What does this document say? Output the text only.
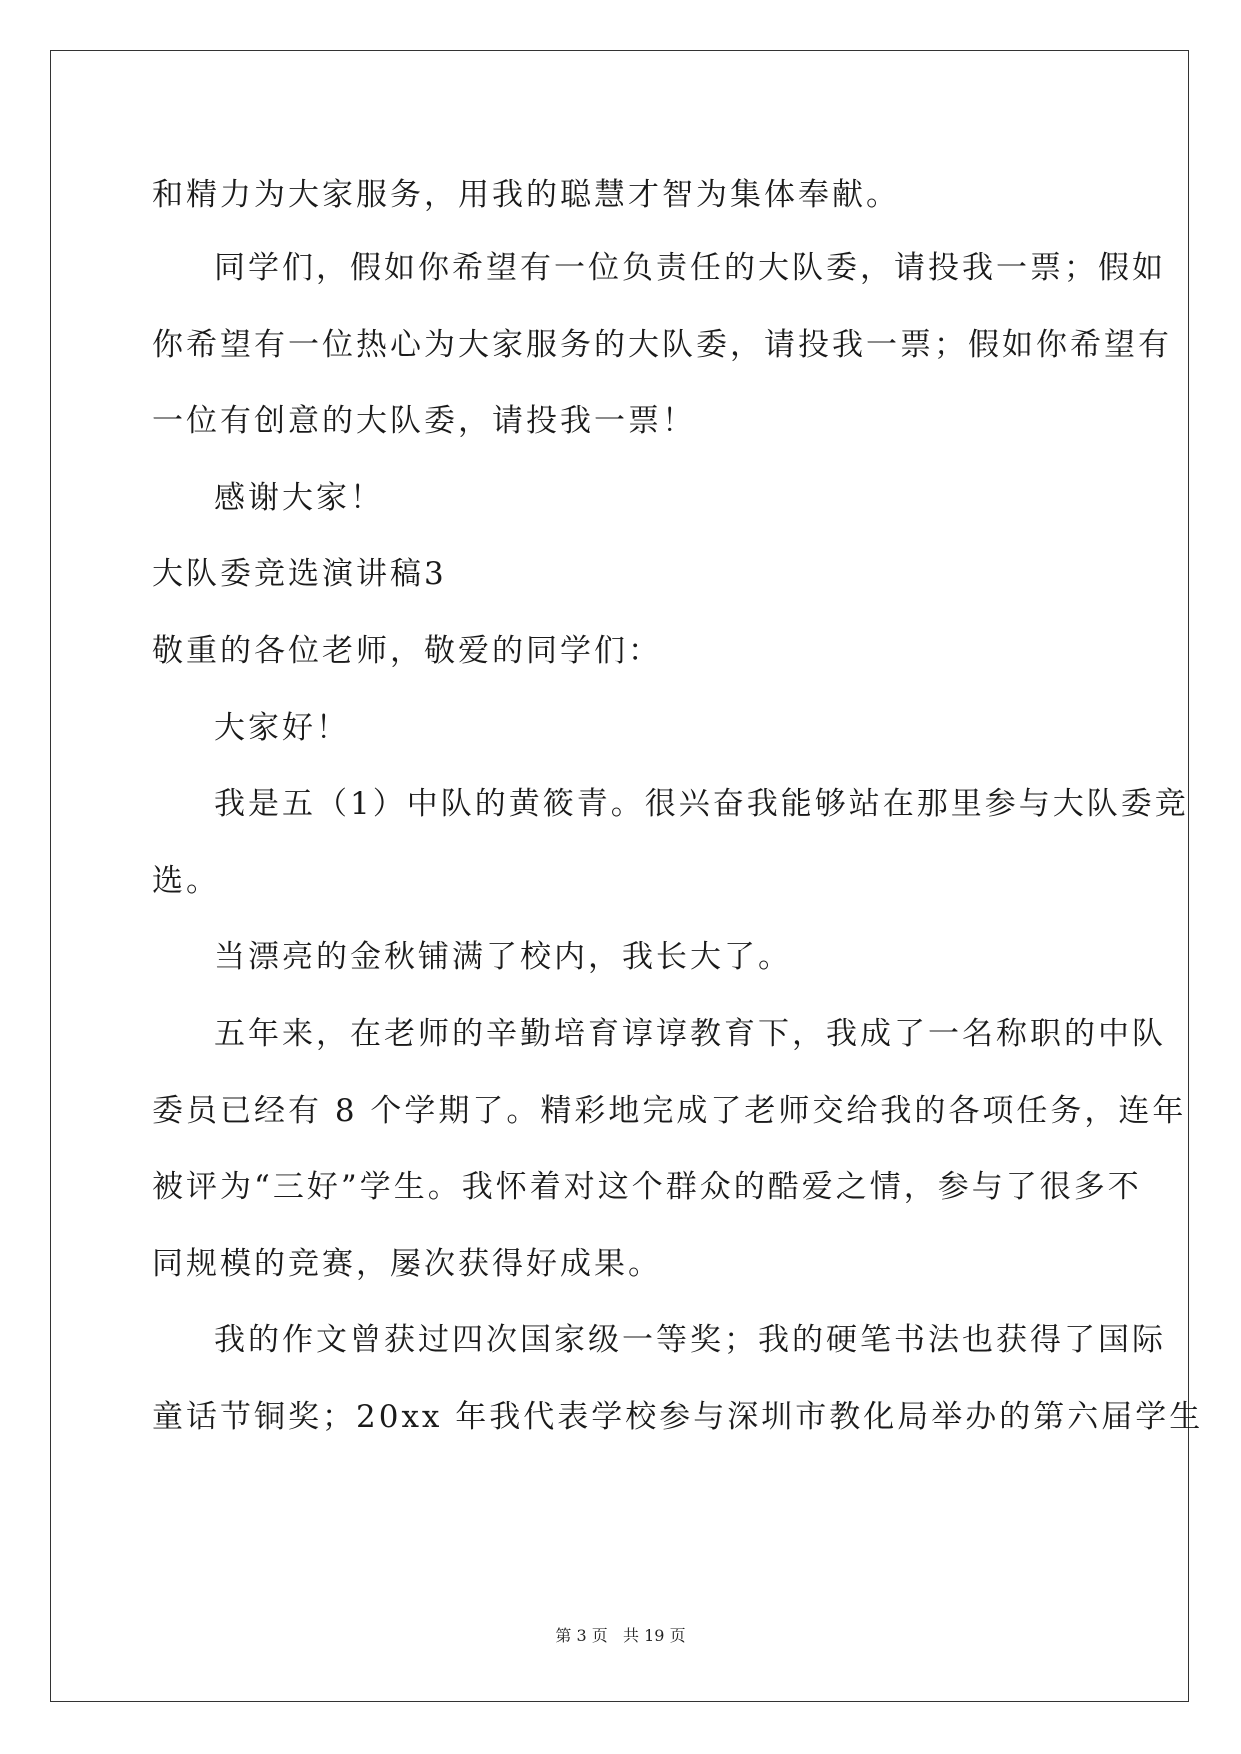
和精力为大家服务，用我的聪慧才智为集体奉献。
同学们，假如你希望有一位负责任的大队委，请投我一票；假如
你希望有一位热心为大家服务的大队委，请投我一票；假如你希望有
一位有创意的大队委，请投我一票！
感谢大家！
大队委竞选演讲稿3
敬重的各位老师，敬爱的同学们：
大家好！
我是五（1）中队的黄筱青。很兴奋我能够站在那里参与大队委竞
选。
当漂亮的金秋铺满了校内，我长大了。
五年来，在老师的辛勤培育谆谆教育下，我成了一名称职的中队
委员已经有 8 个学期了。精彩地完成了老师交给我的各项任务，连年
被评为“三好”学生。我怀着对这个群众的酷爱之情，参与了很多不
同规模的竞赛，屡次获得好成果。
我的作文曾获过四次国家级一等奖；我的硬笔书法也获得了国际
童话节铜奖；20xx 年我代表学校参与深圳市教化局举办的第六届学生
第 3 页 共 19 页
